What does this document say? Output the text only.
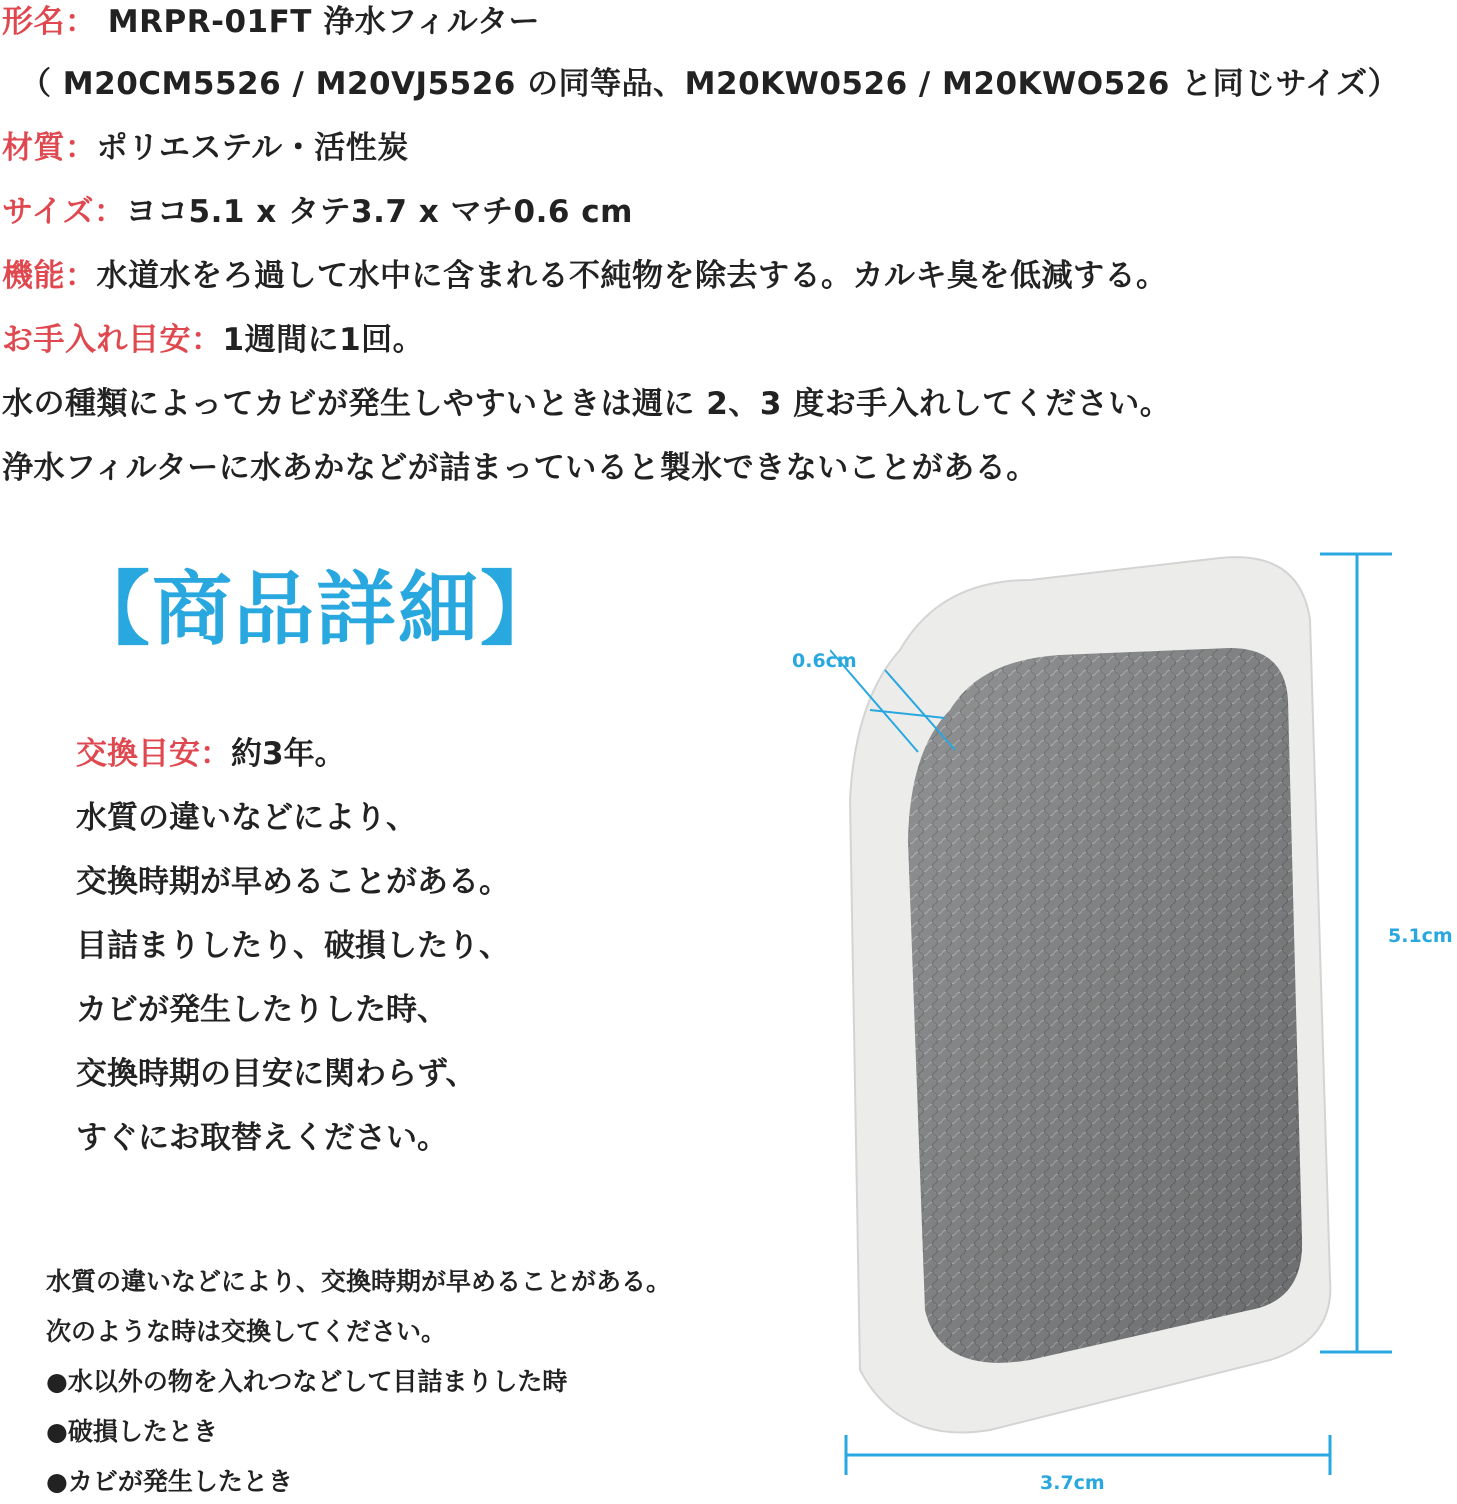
形名： MRPR-01FT 浄水フィルター
（ M20CM5526 / M20VJ5526 の同等品、M20KW0526 / M20KWO526 と同じサイズ）
材質：ポリエステル・活性炭
サイズ：ヨコ5.1 x タテ3.7 x マチ0.6 cm
機能：水道水をろ過して水中に含まれる不純物を除去する。カルキ臭を低減する。
お手入れ目安：1週間に1回。
水の種類によってカビが発生しやすいときは週に 2、3 度お手入れしてください。
浄水フィルターに水あかなどが詰まっていると製氷できないことがある。
【商品詳細】
交換目安：約3年。
水質の違いなどにより、
交換時期が早めることがある。
目詰まりしたり、破損したり、
カビが発生したりした時、
交換時期の目安に関わらず、
すぐにお取替えください。
水質の違いなどにより、交換時期が早めることがある。
次のような時は交換してください。
●水以外の物を入れつなどして目詰まりした時
●破損したとき
●カビが発生したとき
0.6cm
5.1cm
3.7cm
